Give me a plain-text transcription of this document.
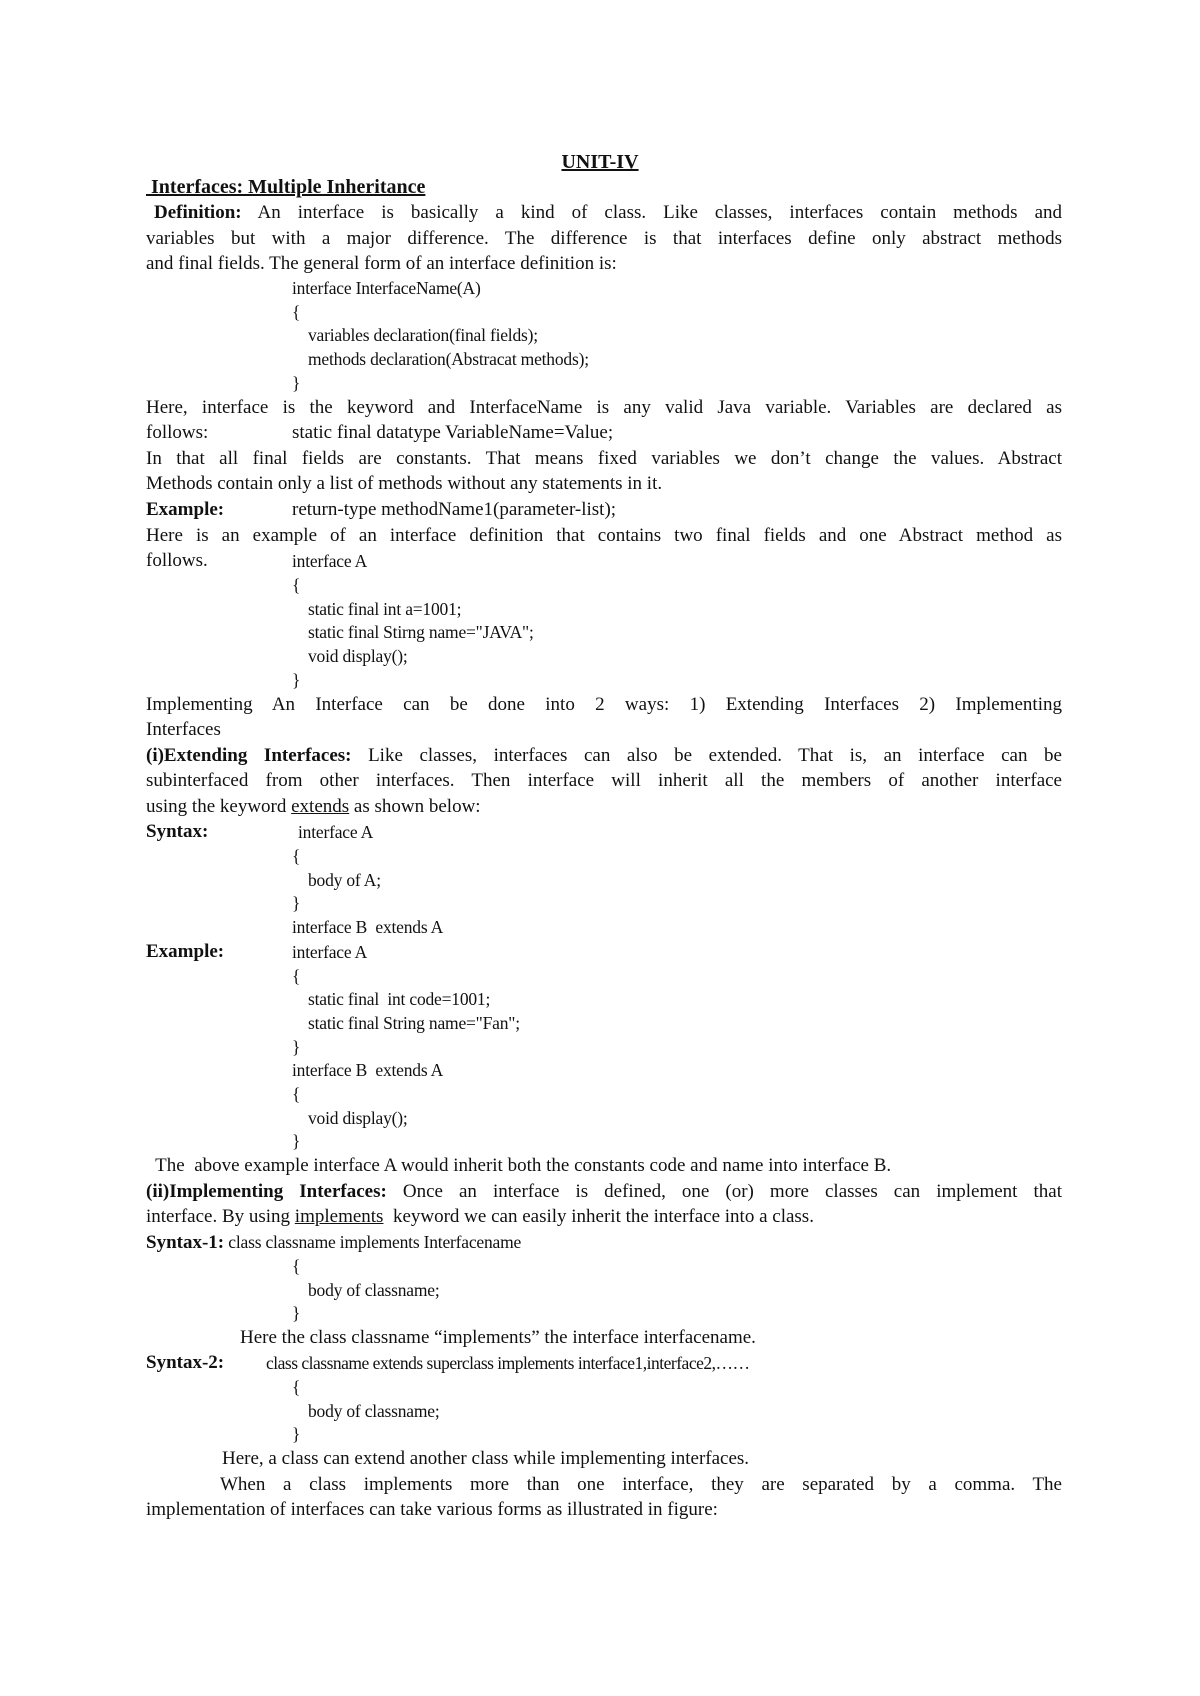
UNIT-IV
Interfaces: Multiple Inheritance
Definition: An interface is basically a kind of class. Like classes, interfaces contain methods and
variables but with a major difference. The difference is that interfaces define only abstract methods
and final fields. The general form of an interface definition is:
interface InterfaceName(A)
{
variables declaration(final fields);
methods declaration(Abstracat methods);
}
Here, interface is the keyword and InterfaceName is any valid Java variable. Variables are declared as
follows:	static final datatype VariableName=Value;
In that all final fields are constants. That means fixed variables we don’t change the values. Abstract
Methods contain only a list of methods without any statements in it.
Example:	return-type methodName1(parameter-list);
Here is an example of an interface definition that contains two final fields and one Abstract method as
follows.	interface A
{
static final int a=1001;
static final Stirng name="JAVA";
void display();
}
Implementing An Interface can be done into 2 ways: 1) Extending Interfaces 2) Implementing
Interfaces
(i)Extending Interfaces: Like classes, interfaces can also be extended. That is, an interface can be
subinterfaced from other interfaces. Then interface will inherit all the members of another interface
using the keyword extends as shown below:
Syntax:	interface A
{
body of A;
}
interface B  extends A
Example:	interface A
{
static final  int code=1001;
static final String name="Fan";
}
interface B  extends A
{
void display();
}
The  above example interface A would inherit both the constants code and name into interface B.
(ii)Implementing Interfaces: Once an interface is defined, one (or) more classes can implement that
interface. By using implements  keyword we can easily inherit the interface into a class.
Syntax-1: class classname implements Interfacename
{
body of classname;
}
Here the class classname “implements” the interface interfacename.
Syntax-2: class classname extends superclass implements interface1,interface2,……
{
body of classname;
}
Here, a class can extend another class while implementing interfaces.
When a class implements more than one interface, they are separated by a comma. The
implementation of interfaces can take various forms as illustrated in figure:
